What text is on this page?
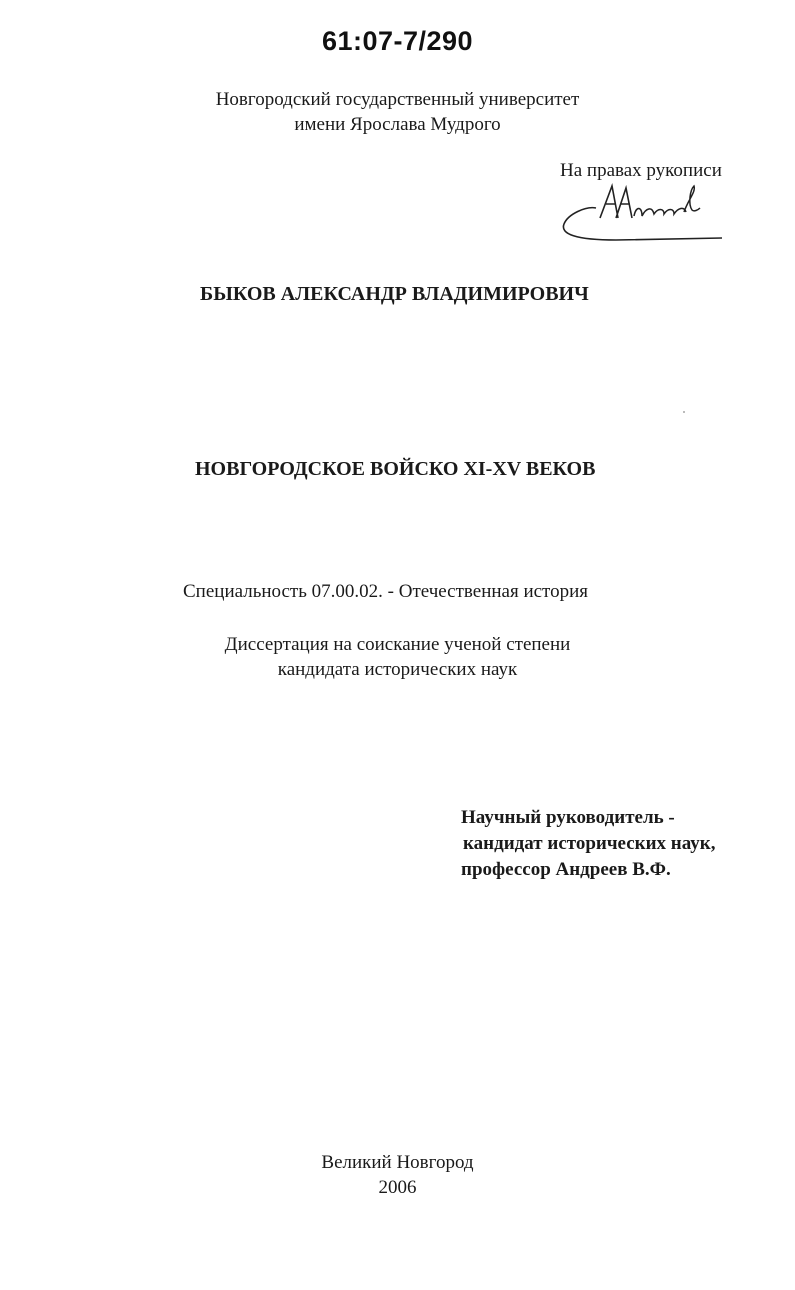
61:07-7/290
Новгородский государственный университет
имени Ярослава Мудрого
На правах рукописи
БЫКОВ АЛЕКСАНДР ВЛАДИМИРОВИЧ
НОВГОРОДСКОЕ ВОЙСКО XI-XV ВЕКОВ
Специальность 07.00.02. - Отечественная история
Диссертация на соискание ученой степени
кандидата исторических наук
Научный руководитель -
кандидат исторических наук,
профессор Андреев В.Ф.
Великий Новгород
2006
